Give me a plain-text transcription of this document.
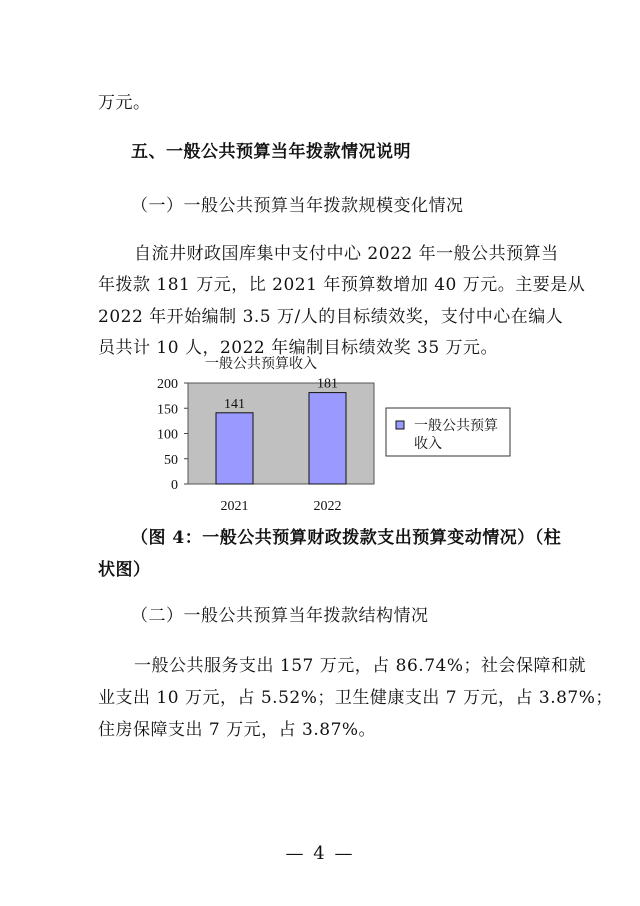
万元。
五、一般公共预算当年拨款情况说明
（一）一般公共预算当年拨款规模变化情况
自流井财政国库集中支付中心 2022 年一般公共预算当
年拨款 181 万元，比 2021 年预算数增加 40 万元。主要是从
2022 年开始编制 3.5 万/人的目标绩效奖，支付中心在编人
员共计 10 人，2022 年编制目标绩效奖 35 万元。
一般公共预算收入
0
50
100
150
200
141
2021
181
2022
一般公共预算
收入
（图 4：一般公共预算财政拨款支出预算变动情况）（柱
状图）
（二）一般公共预算当年拨款结构情况
一般公共服务支出 157 万元，占 86.74%；社会保障和就
业支出 10 万元，占 5.52%；卫生健康支出 7 万元，占 3.87%；
住房保障支出 7 万元，占 3.87%。
— 4 —
